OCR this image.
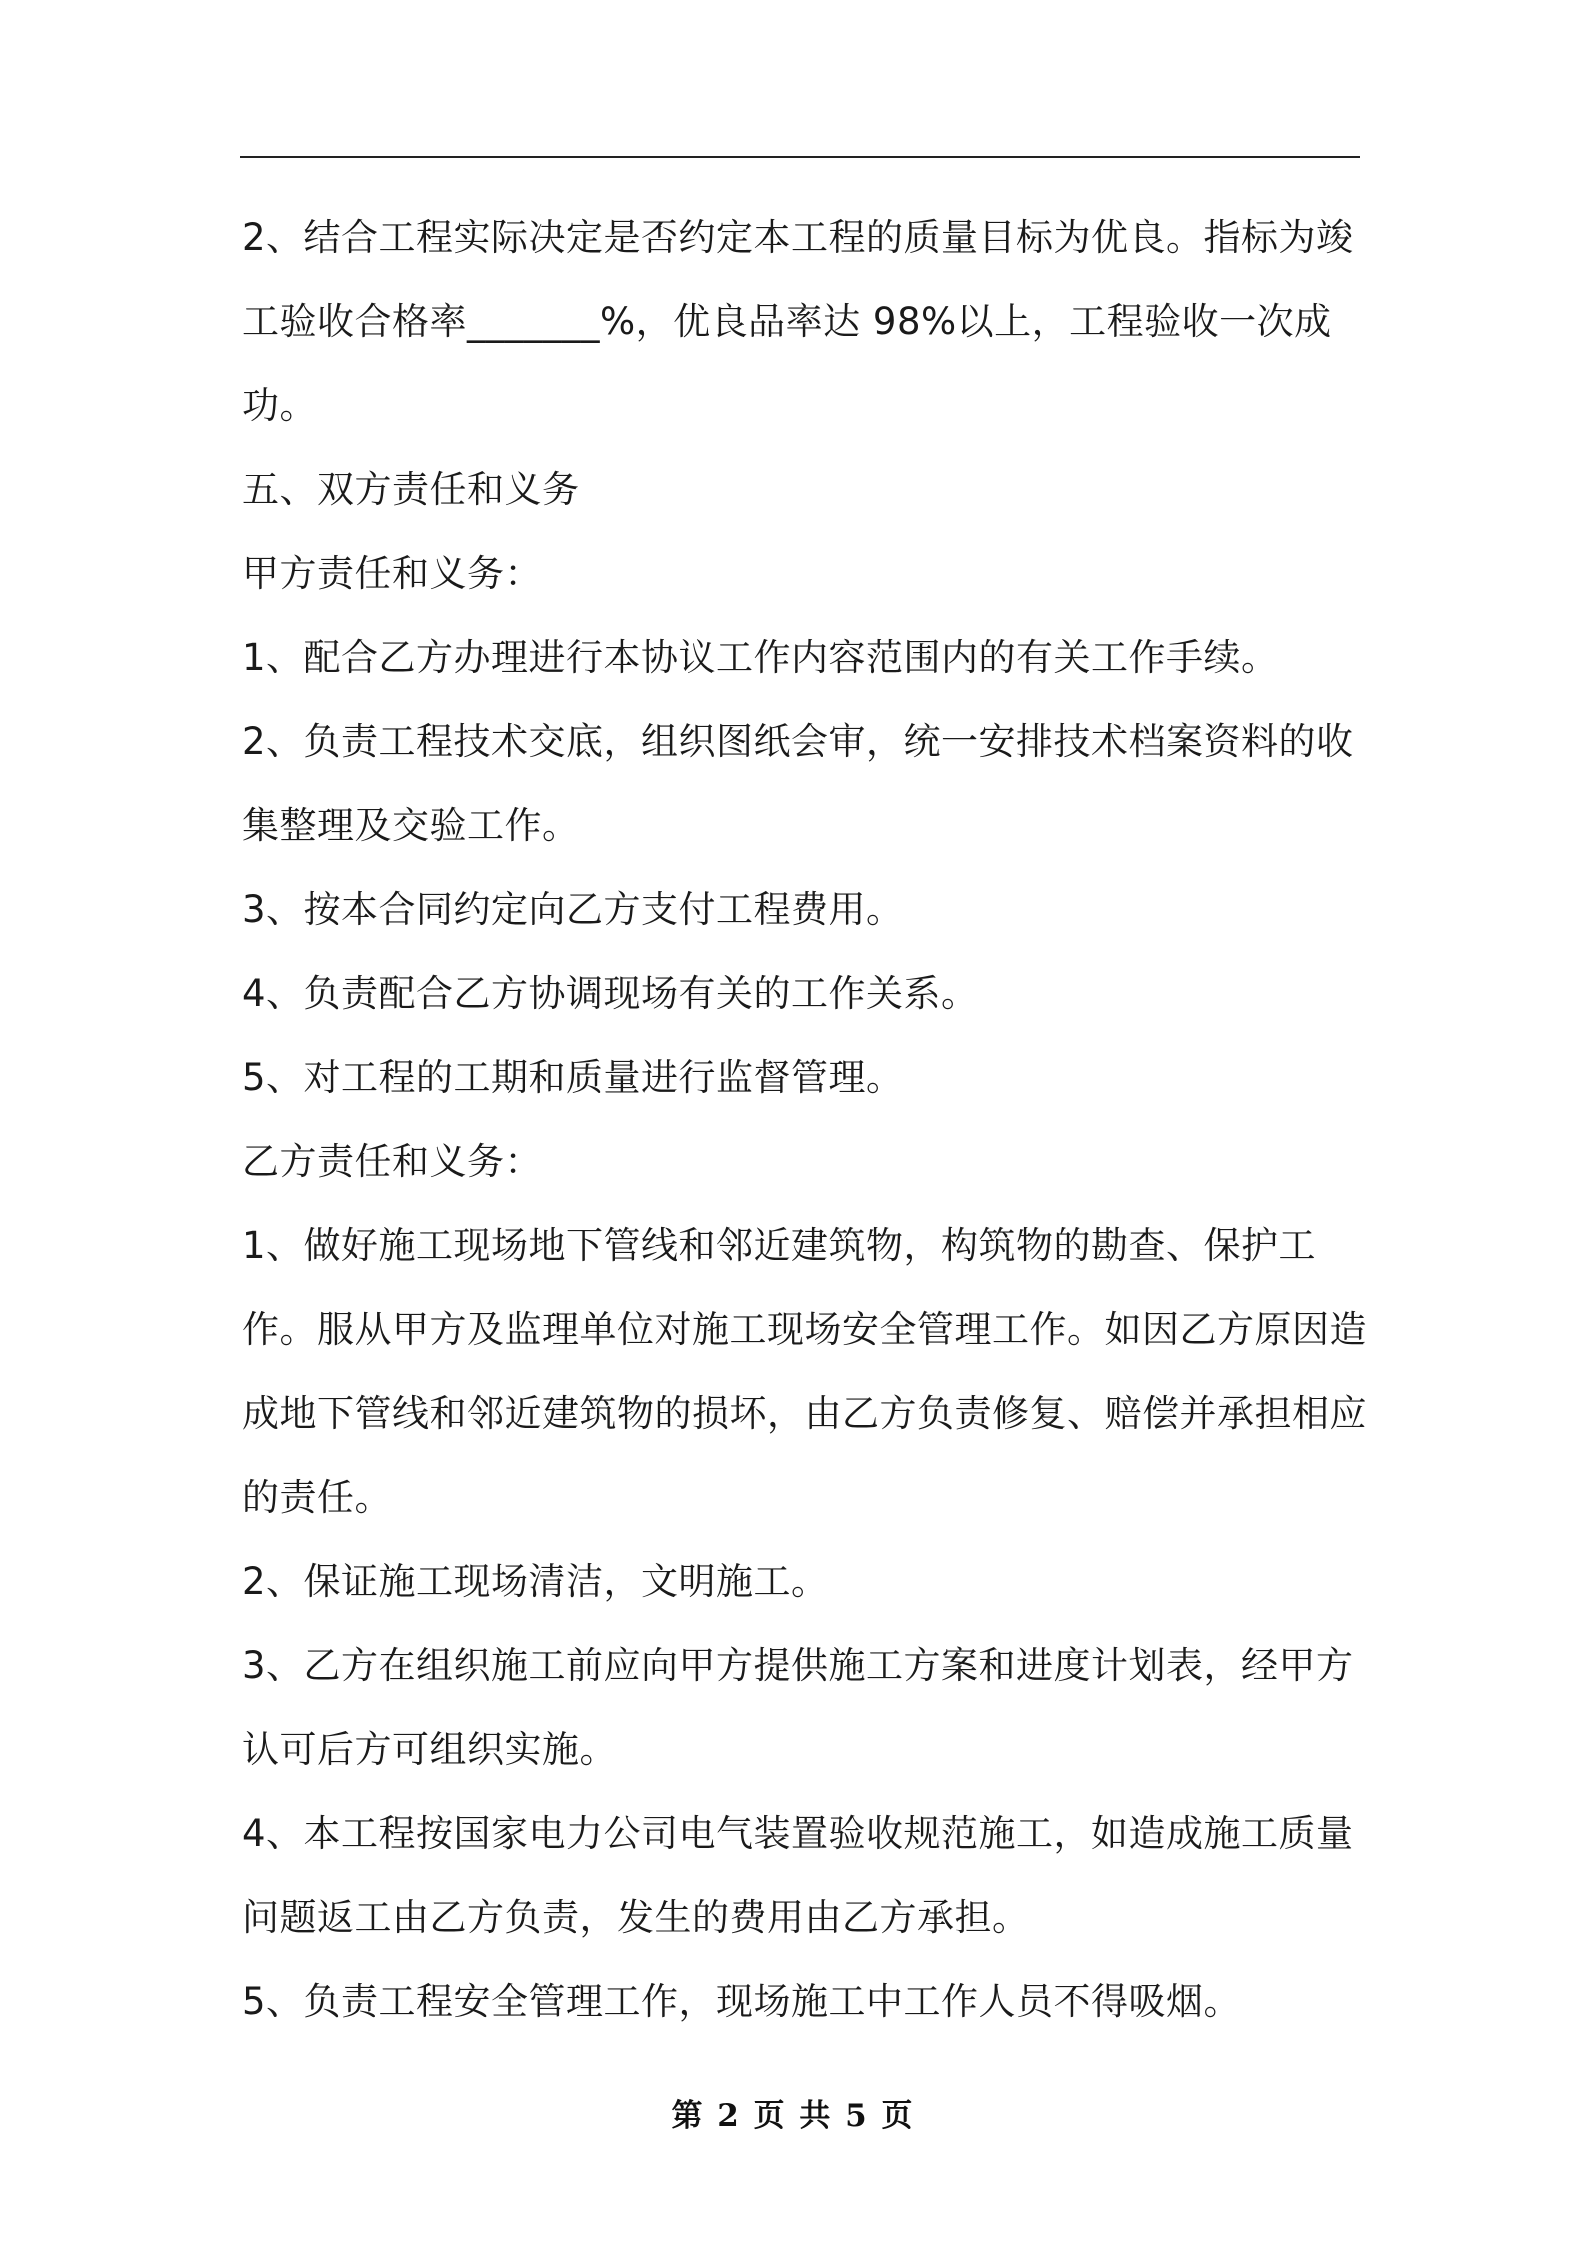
2、结合工程实际决定是否约定本工程的质量目标为优良。指标为竣工验收合格率_______%，优良品率达 98%以上，工程验收一次成功。

五、双方责任和义务

甲方责任和义务：

1、配合乙方办理进行本协议工作内容范围内的有关工作手续。

2、负责工程技术交底，组织图纸会审，统一安排技术档案资料的收集整理及交验工作。

3、按本合同约定向乙方支付工程费用。

4、负责配合乙方协调现场有关的工作关系。

5、对工程的工期和质量进行监督管理。

乙方责任和义务：

1、做好施工现场地下管线和邻近建筑物，构筑物的勘查、保护工作。服从甲方及监理单位对施工现场安全管理工作。如因乙方原因造成地下管线和邻近建筑物的损坏，由乙方负责修复、赔偿并承担相应的责任。

2、保证施工现场清洁，文明施工。

3、乙方在组织施工前应向甲方提供施工方案和进度计划表，经甲方认可后方可组织实施。

4、本工程按国家电力公司电气装置验收规范施工，如造成施工质量问题返工由乙方负责，发生的费用由乙方承担。

5、负责工程安全管理工作，现场施工中工作人员不得吸烟。

第 2 页 共 5 页
